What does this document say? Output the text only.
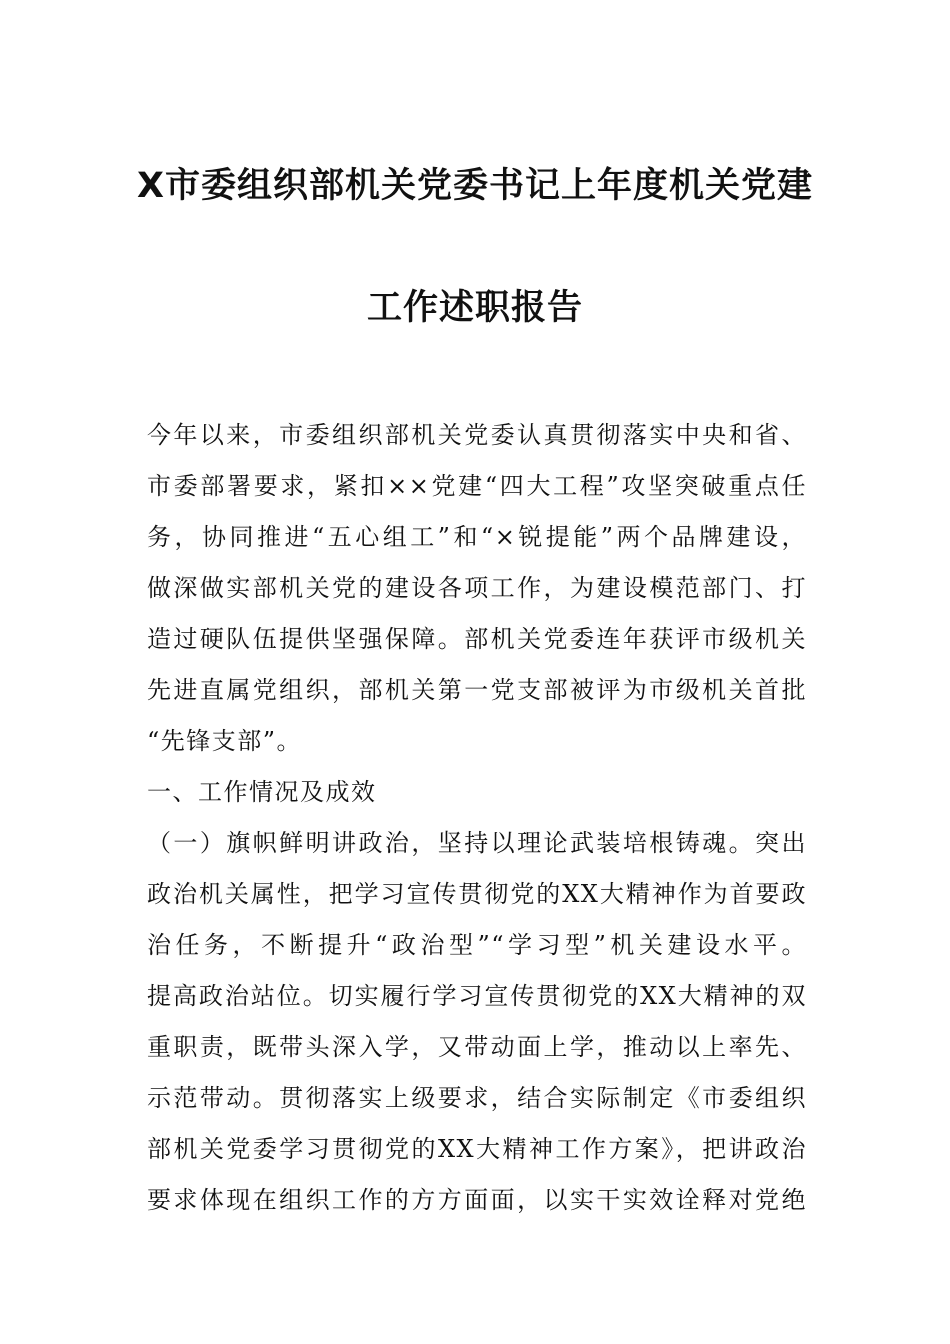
X市委组织部机关党委书记上年度机关党建
工作述职报告
今年以来，市委组织部机关党委认真贯彻落实中央和省、
市委部署要求，紧扣××党建“四大工程”攻坚突破重点任
务，协同推进“五心组工”和“×锐提能”两个品牌建设，
做深做实部机关党的建设各项工作，为建设模范部门、打
造过硬队伍提供坚强保障。部机关党委连年获评市级机关
先进直属党组织，部机关第一党支部被评为市级机关首批
“先锋支部”。
一、工作情况及成效
（一）旗帜鲜明讲政治，坚持以理论武装培根铸魂。突出
政治机关属性，把学习宣传贯彻党的XX大精神作为首要政
治任务，不断提升“政治型”“学习型”机关建设水平。
提高政治站位。切实履行学习宣传贯彻党的XX大精神的双
重职责，既带头深入学，又带动面上学，推动以上率先、
示范带动。贯彻落实上级要求，结合实际制定《市委组织
部机关党委学习贯彻党的XX大精神工作方案》，把讲政治
要求体现在组织工作的方方面面，以实干实效诠释对党绝
